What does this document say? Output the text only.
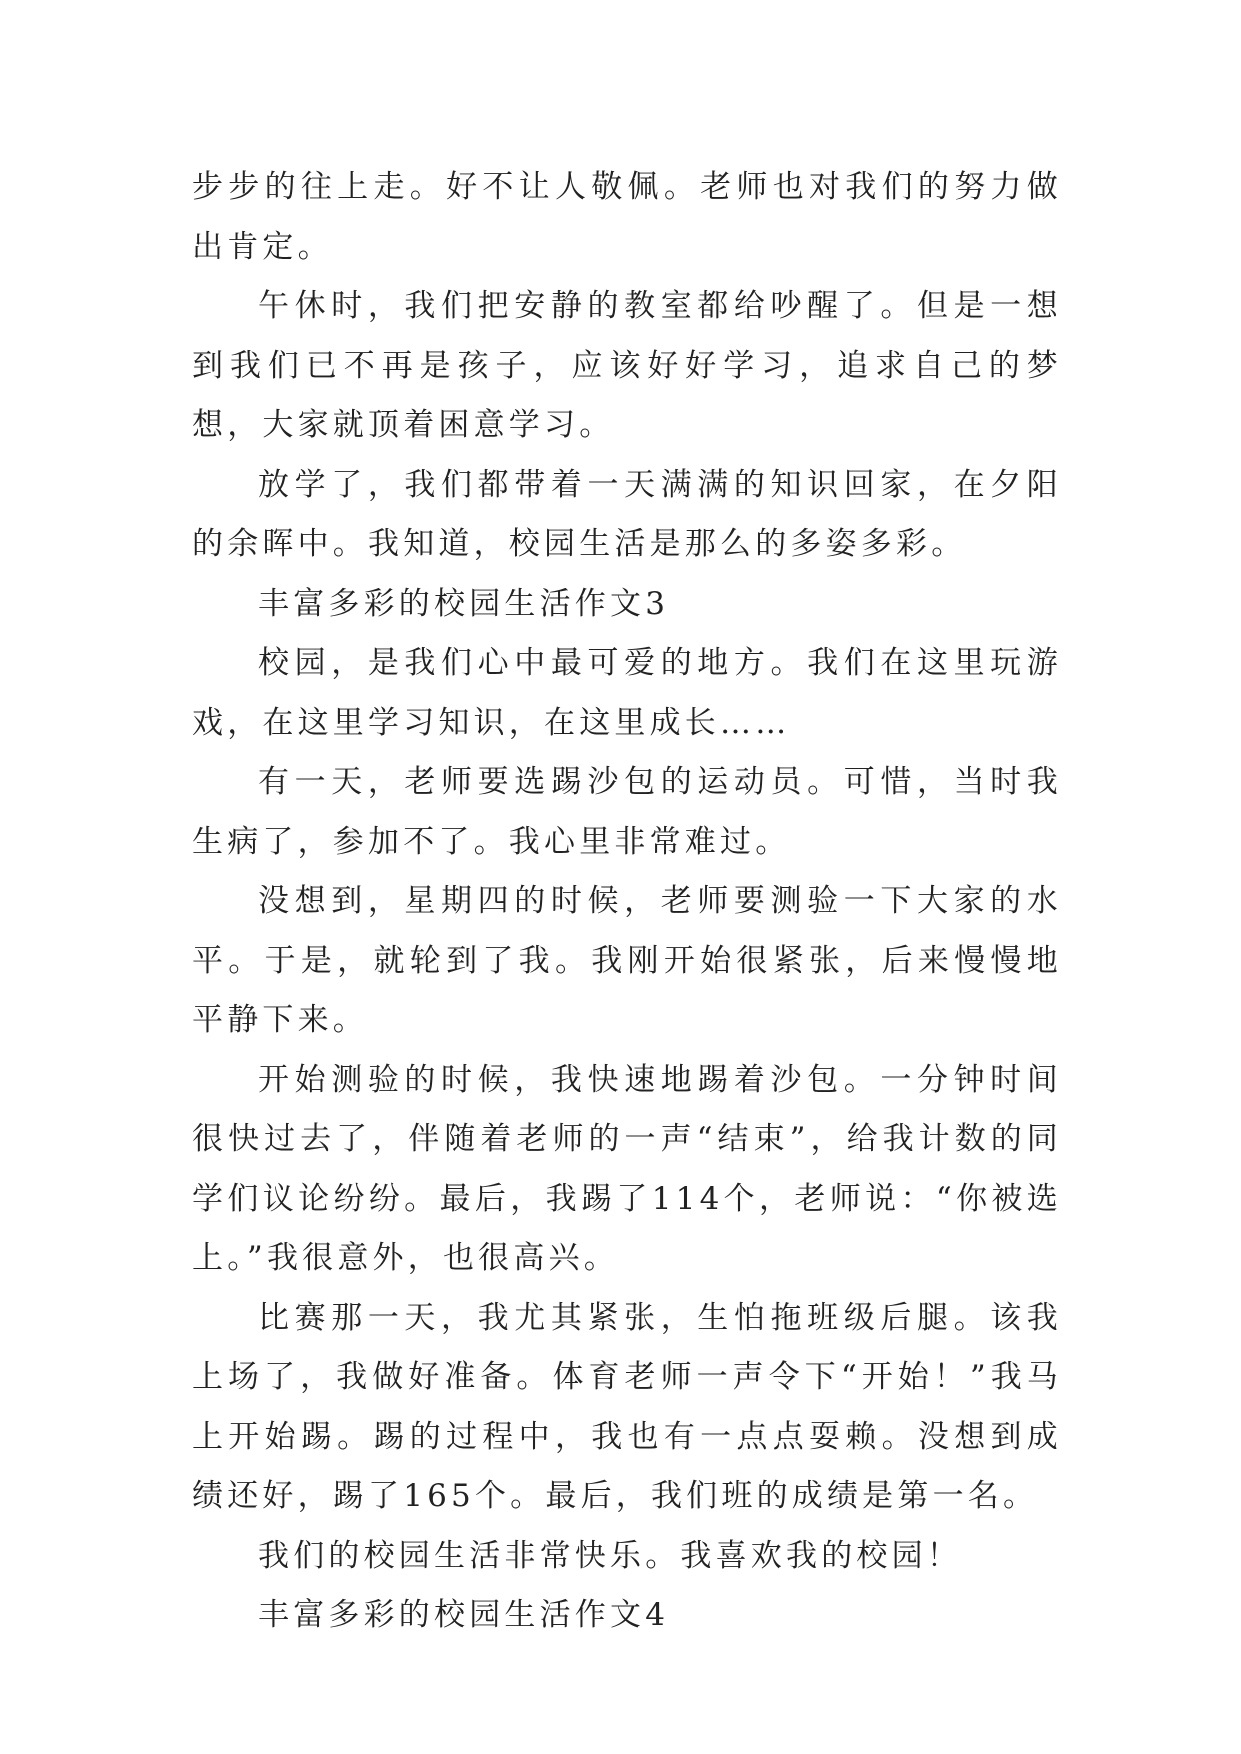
步步的往上走。好不让人敬佩。老师也对我们的努力做出肯定。

午休时，我们把安静的教室都给吵醒了。但是一想到我们已不再是孩子，应该好好学习，追求自己的梦想，大家就顶着困意学习。

放学了，我们都带着一天满满的知识回家，在夕阳的余晖中。我知道，校园生活是那么的多姿多彩。

丰富多彩的校园生活作文3

校园，是我们心中最可爱的地方。我们在这里玩游戏，在这里学习知识，在这里成长……

有一天，老师要选踢沙包的运动员。可惜，当时我生病了，参加不了。我心里非常难过。

没想到，星期四的时候，老师要测验一下大家的水平。于是，就轮到了我。我刚开始很紧张，后来慢慢地平静下来。

开始测验的时候，我快速地踢着沙包。一分钟时间很快过去了，伴随着老师的一声“结束”，给我计数的同学们议论纷纷。最后，我踢了114个，老师说：“你被选上。”我很意外，也很高兴。

比赛那一天，我尤其紧张，生怕拖班级后腿。该我上场了，我做好准备。体育老师一声令下“开始！”我马上开始踢。踢的过程中，我也有一点点耍赖。没想到成绩还好，踢了165个。最后，我们班的成绩是第一名。

我们的校园生活非常快乐。我喜欢我的校园！

丰富多彩的校园生活作文4
